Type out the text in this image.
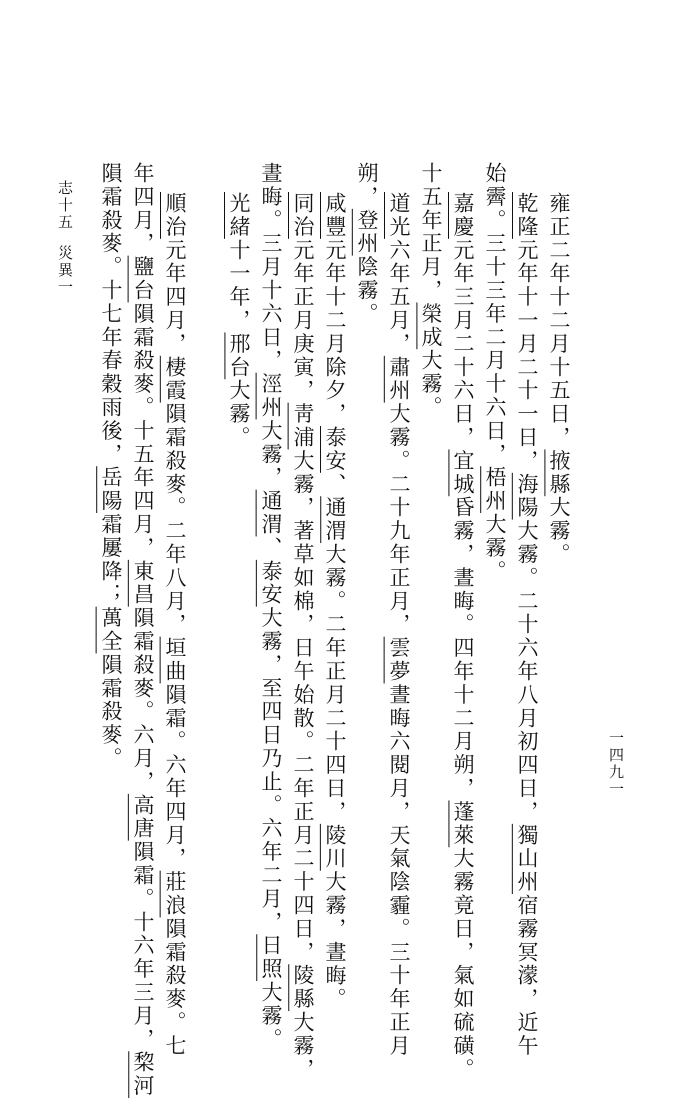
雍正二年十二月十五日，掖縣大霧。
乾隆元年十一月二十一日，海陽大霧。二十六年八月初四日，獨山州宿霧冥濛，近午
始霽。三十三年二月十六日，梧州大霧。
嘉慶元年三月二十六日，宜城昏霧，晝晦。四年十二月朔，蓬萊大霧竟日，氣如硫磺。
十五年正月，榮成大霧。
道光六年五月，肅州大霧。二十九年正月，雲夢晝晦六閱月，天氣陰霾。三十年正月
朔，登州陰霧。
咸豐元年十二月除夕，泰安、通渭大霧。二年正月二十四日，陵川大霧，晝晦。
同治元年正月庚寅，靑浦大霧，著草如棉，日午始散。二年正月二十四日，陵縣大霧，
晝晦。三月十六日，涇州大霧，通渭、泰安大霧，至四日乃止。六年二月，日照大霧。
光緒十一年，邢台大霧。
順治元年四月，棲霞隕霜殺麥。二年八月，垣曲隕霜。六年四月，莊浪隕霜殺麥。七
年四月，鹽台隕霜殺麥。十五年四月，東昌隕霜殺麥。六月，高唐隕霜。十六年三月，棃河
隕霜殺麥。十七年春穀雨後，岳陽霜屢降；萬全隕霜殺麥。
志十五
災異一
一四九一
